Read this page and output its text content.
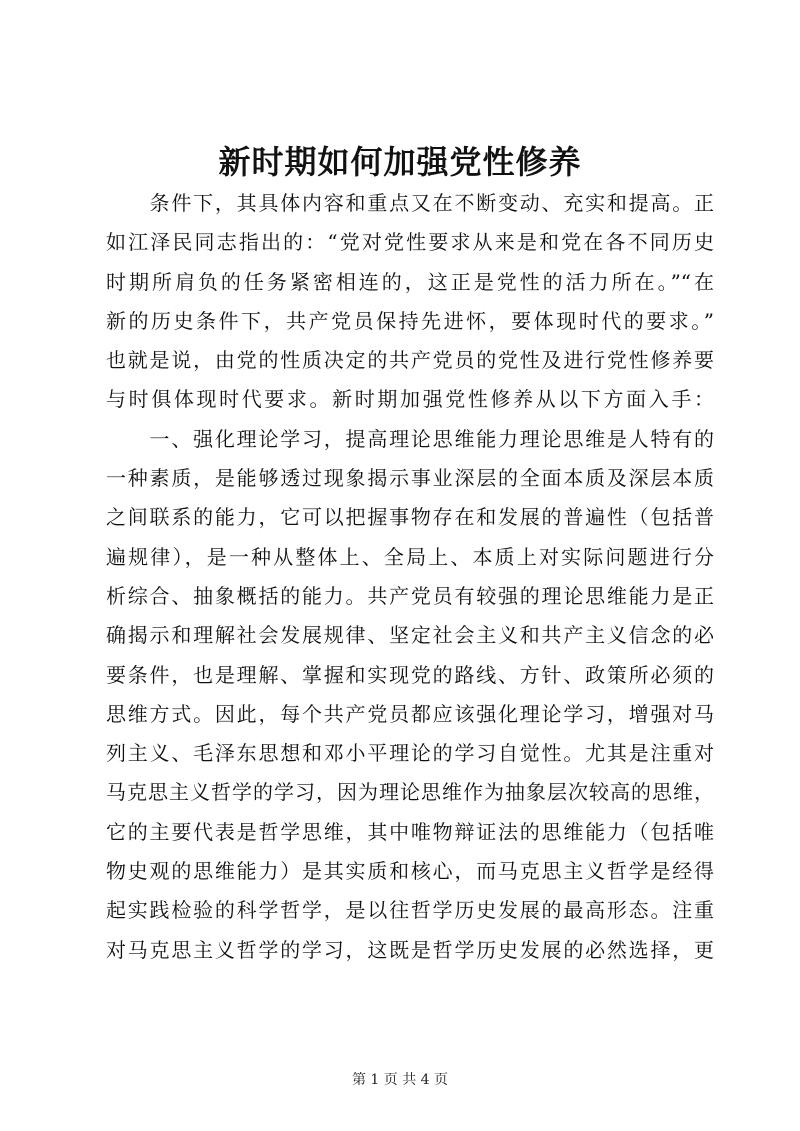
新时期如何加强党性修养
　　条件下，其具体内容和重点又在不断变动、充实和提高。正
如江泽民同志指出的：“党对党性要求从来是和党在各不同历史
时期所肩负的任务紧密相连的，这正是党性的活力所在。”“在
新的历史条件下，共产党员保持先进怀，要体现时代的要求。”
也就是说，由党的性质决定的共产党员的党性及进行党性修养要
与时俱体现时代要求。新时期加强党性修养从以下方面入手：
　　一、强化理论学习，提高理论思维能力理论思维是人特有的
一种素质，是能够透过现象揭示事业深层的全面本质及深层本质
之间联系的能力，它可以把握事物存在和发展的普遍性（包括普
遍规律），是一种从整体上、全局上、本质上对实际问题进行分
析综合、抽象概括的能力。共产党员有较强的理论思维能力是正
确揭示和理解社会发展规律、坚定社会主义和共产主义信念的必
要条件，也是理解、掌握和实现党的路线、方针、政策所必须的
思维方式。因此，每个共产党员都应该强化理论学习，增强对马
列主义、毛泽东思想和邓小平理论的学习自觉性。尤其是注重对
马克思主义哲学的学习，因为理论思维作为抽象层次较高的思维，
它的主要代表是哲学思维，其中唯物辩证法的思维能力（包括唯
物史观的思维能力）是其实质和核心，而马克思主义哲学是经得
起实践检验的科学哲学，是以往哲学历史发展的最高形态。注重
对马克思主义哲学的学习，这既是哲学历史发展的必然选择，更
第 1 页 共 4 页
